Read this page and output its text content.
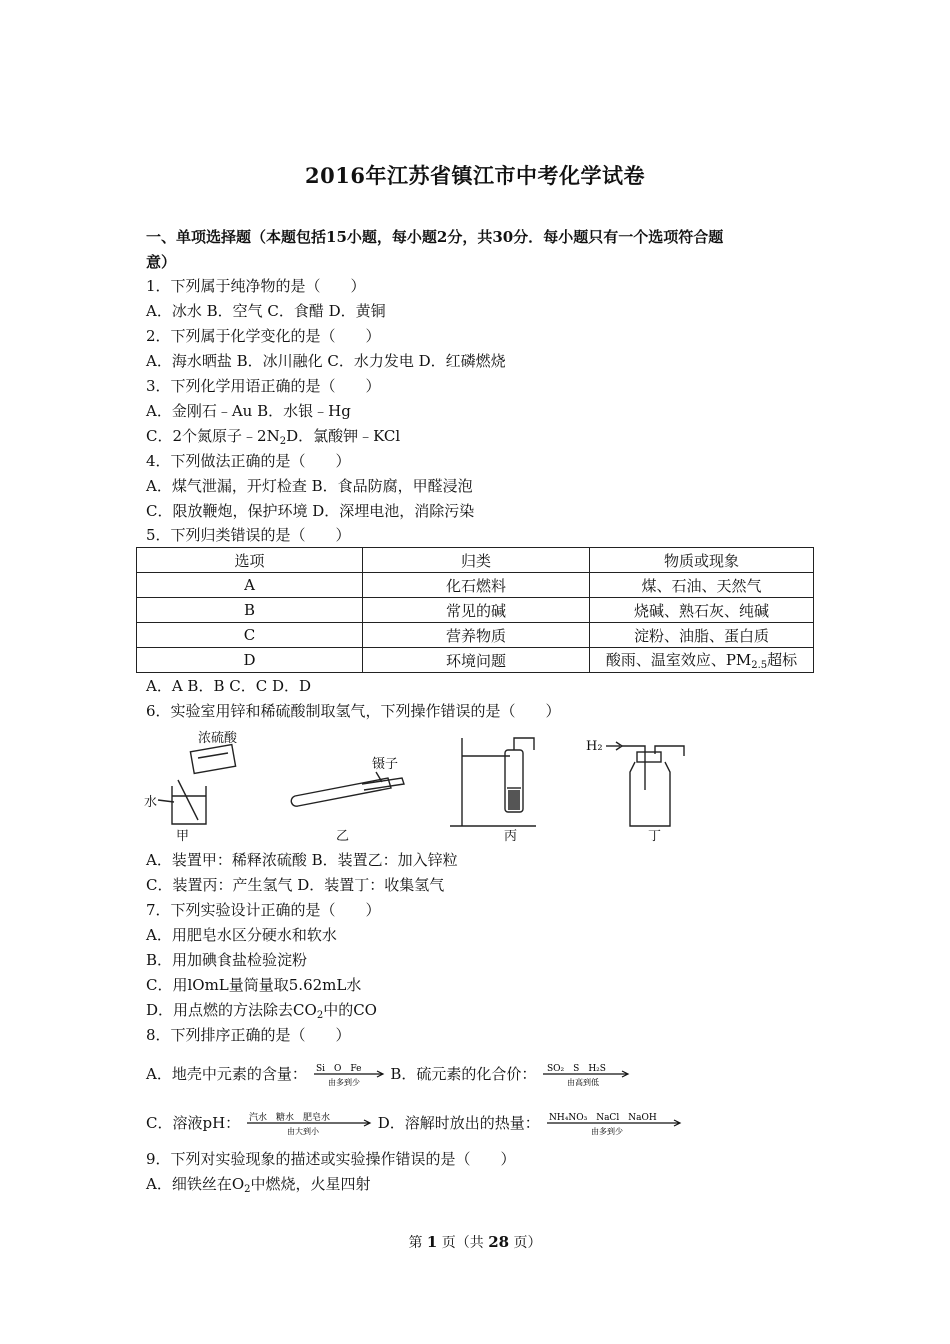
2016年江苏省镇江市中考化学试卷
一、单项选择题（本题包括15小题，每小题2分，共30分．每小题只有一个选项符合题
意）
1．下列属于纯净物的是（　　）
A．冰水 B．空气 C．食醋 D．黄铜
2．下列属于化学变化的是（　　）
A．海水晒盐 B．冰川融化 C．水力发电 D．红磷燃烧
3．下列化学用语正确的是（　　）
A．金刚石﹣Au B．水银﹣Hg
C．2个氮原子$﹣2N_2D$．氯酸钾﹣KCl
4．下列做法正确的是（　　）
A．煤气泄漏，开灯检查 B．食品防腐，甲醛浸泡
C．限放鞭炮，保护环境 D．深埋电池，消除污染
5．下列归类错误的是（　　）
选项	归类	物质或现象
A	化石燃料	煤、石油、天然气
B	常见的碱	烧碱、熟石灰、纯碱
C	营养物质	淀粉、油脂、蛋白质
D	环境问题	酸雨、温室效应、$PM_{2.5}$超标
A．A B．B C．C D．D
6．实验室用锌和稀硫酸制取氢气，下列操作错误的是（　　）
浓硫酸
水
镊子
H₂
甲	乙	丙	丁
A．装置甲：稀释浓硫酸 B．装置乙：加入锌粒
C．装置丙：产生氢气 D．装置丁：收集氢气
7．下列实验设计正确的是（　　）
A．用肥皂水区分硬水和软水
B．用加碘食盐检验淀粉
C．用lOmL量筒量取5.62mL水
D．用点燃的方法除去$CO_2$中的CO
8．下列排序正确的是（　　）
A．地壳中元素的含量： Si　O　Fe
由多到少 B．硫元素的化合价： SO₂　S　H₂S
由高到低
C．溶液pH： 汽水　糖水　肥皂水
由大到小	D．溶解时放出的热量： NH₄NO₃　NaCl　NaOH
由多到少
9．下列对实验现象的描述或实验操作错误的是（　　）
A．细铁丝在$O_2$中燃烧，火星四射
第 1 页（共 28 页）
